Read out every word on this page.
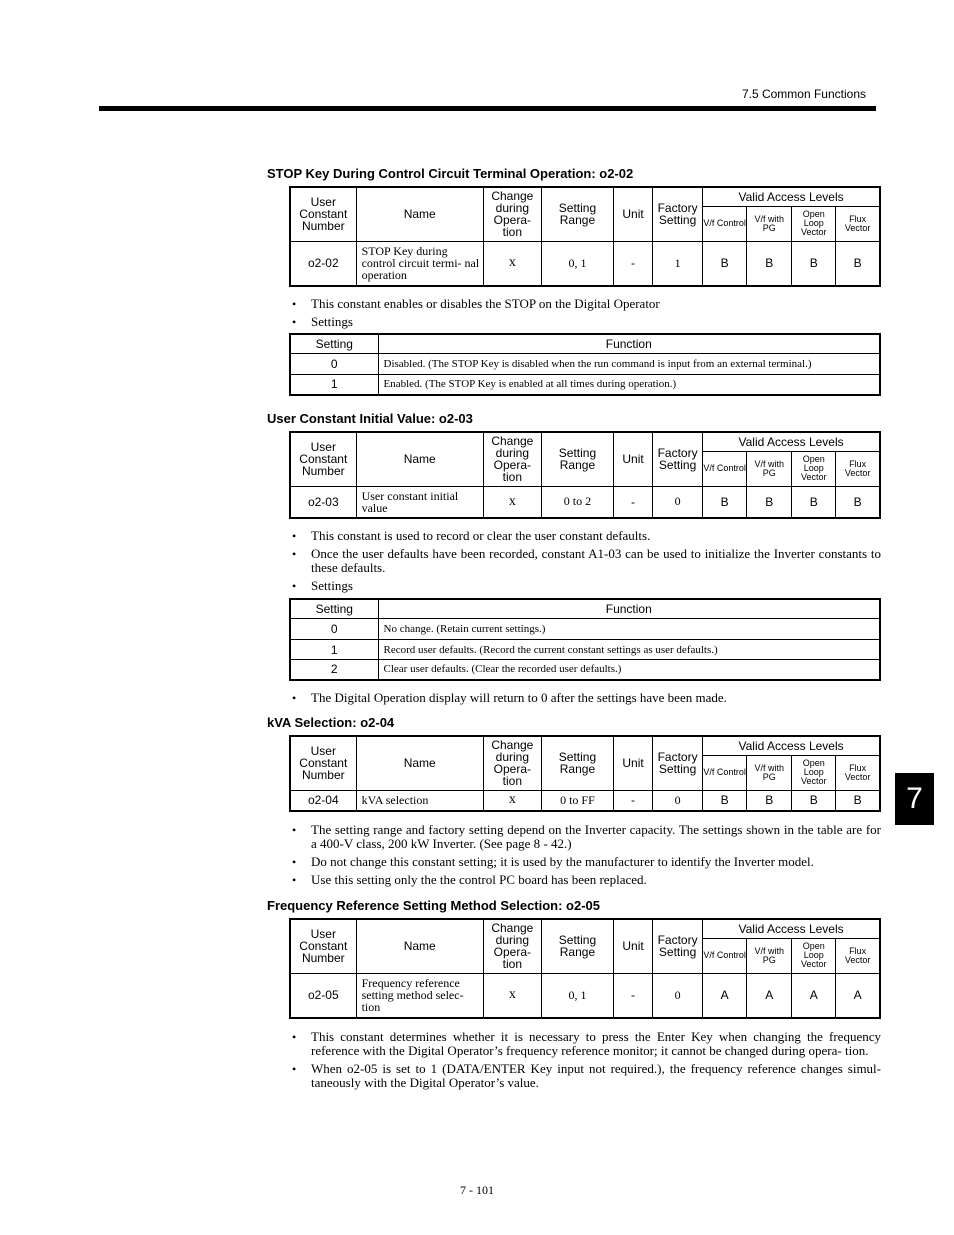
7.5 Common Functions
7
STOP Key During Control Circuit Terminal Operation: o2-02
User Constant Number	Name	Change during Opera- tion	Setting Range	Unit	Factory Setting	Valid Access Levels			
						V/f Control	V/f with PG	Open Loop Vector	Flux Vector
o2-02	STOP Key during control circuit termi- nal operation	x	0, 1	-	1	B	B	B	B
• This constant enables or disables the STOP on the Digital Operator
• Settings
Setting	Function
0	Disabled. (The STOP Key is disabled when the run command is input from an external terminal.)
1	Enabled. (The STOP Key is enabled at all times during operation.)
User Constant Initial Value: o2-03
User Constant Number	Name	Change during Opera- tion	Setting Range	Unit	Factory Setting	Valid Access Levels			
						V/f Control	V/f with PG	Open Loop Vector	Flux Vector
o2-03	User constant initial value	x	0 to 2	-	0	B	B	B	B
• This constant is used to record or clear the user constant defaults.
• Once the user defaults have been recorded, constant A1-03 can be used to initialize the Inverter constants to these defaults.
• Settings
Setting	Function
0	No change. (Retain current settings.)
1	Record user defaults. (Record the current constant settings as user defaults.)
2	Clear user defaults. (Clear the recorded user defaults.)
• The Digital Operation display will return to 0 after the settings have been made.
kVA Selection: o2-04
User Constant Number	Name	Change during Opera- tion	Setting Range	Unit	Factory Setting	Valid Access Levels			
						V/f Control	V/f with PG	Open Loop Vector	Flux Vector
o2-04	kVA selection	x	0 to FF	-	0	B	B	B	B
• The setting range and factory setting depend on the Inverter capacity. The settings shown in the table are for a 400-V class, 200 kW Inverter. (See page 8 - 42.)
• Do not change this constant setting; it is used by the manufacturer to identify the Inverter model.
• Use this setting only the the control PC board has been replaced.
Frequency Reference Setting Method Selection: o2-05
User Constant Number	Name	Change during Opera- tion	Setting Range	Unit	Factory Setting	Valid Access Levels			
						V/f Control	V/f with PG	Open Loop Vector	Flux Vector
o2-05	Frequency reference setting method selec- tion	x	0, 1	-	0	A	A	A	A
• This constant determines whether it is necessary to press the Enter Key when changing the frequency reference with the Digital Operator’s frequency reference monitor; it cannot be changed during opera- tion.
• When o2-05 is set to 1 (DATA/ENTER Key input not required.), the frequency reference changes simul- taneously with the Digital Operator’s value.
7 - 101
